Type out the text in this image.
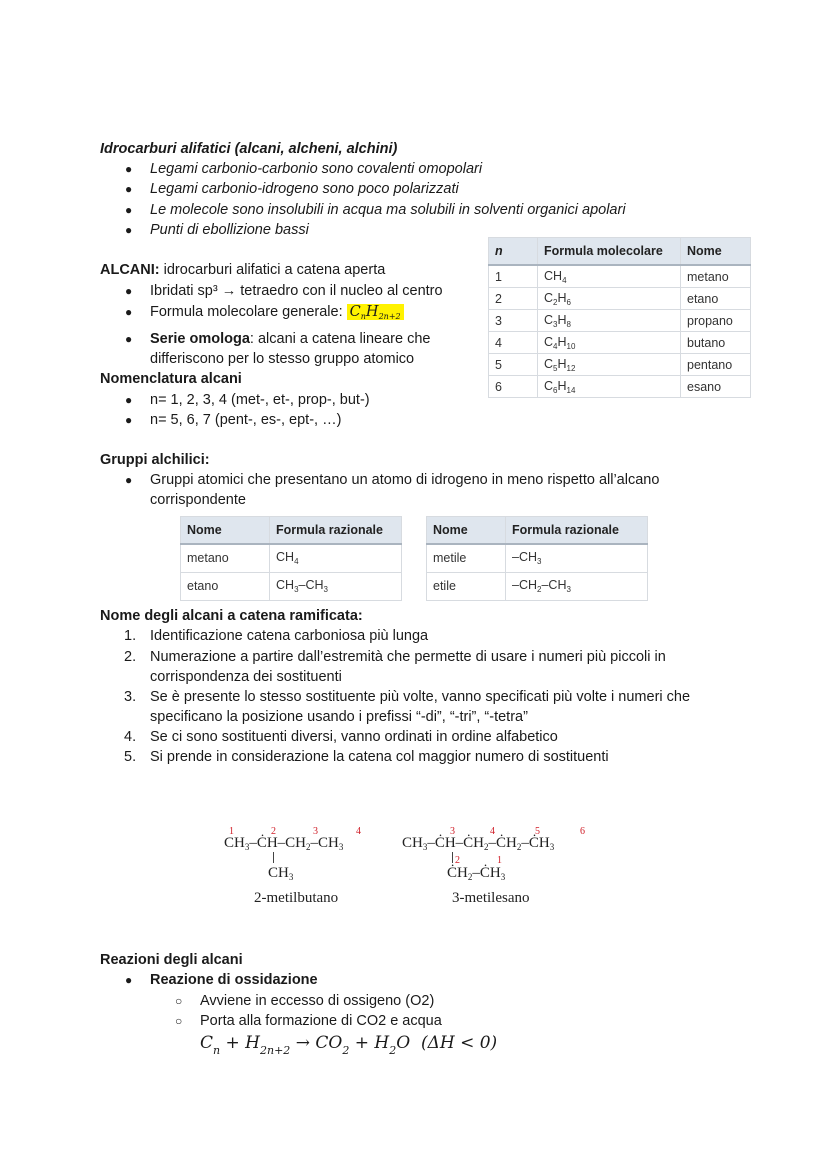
Idrocarburi alifatici (alcani, alcheni, alchini)
● Legami carbonio-carbonio sono covalenti omopolari
● Legami carbonio-idrogeno sono poco polarizzati
● Le molecole sono insolubili in acqua ma solubili in solventi organici apolari
● Punti di ebollizione bassi
ALCANI: idrocarburi alifatici a catena aperta
● Ibridati sp³ → tetraedro con il nucleo al centro
● Formula molecolare generale: $C_nH_{2n+2}$
● Serie omologa: alcani a catena lineare che
differiscono per lo stesso gruppo atomico
Nomenclatura alcani
● n= 1, 2, 3, 4 (met-, et-, prop-, but-)
● n= 5, 6, 7 (pent-, es-, ept-, …)
n	Formula molecolare	Nome
1	$CH_4$	metano
2	$C_2H_6$	etano
3	$C_3H_8$	propano
4	$C_4H_{10}$	butano
5	$C_5H_{12}$	pentano
6	$C_6H_{14}$	esano
Gruppi alchilici:
● Gruppi atomici che presentano un atomo di idrogeno in meno rispetto all’alcano
corrispondente
Nome	Formula razionale
metano	$CH_4$
etano	$CH_3-CH_3$
Nome	Formula razionale
metile	$-CH_3$
etile	$-CH_2-CH_3$
Nome degli alcani a catena ramificata:
1. Identificazione catena carboniosa più lunga
2. Numerazione a partire dall’estremità che permette di usare i numeri più piccoli in
corrispondenza dei sostituenti
3. Se è presente lo stesso sostituente più volte, vanno specificati più volte i numeri che
specificano la posizione usando i prefissi “-di”, “-tri”, “-tetra”
4. Se ci sono sostituenti diversi, vanno ordinati in ordine alfabetico
5. Si prende in considerazione la catena col maggior numero di sostituenti
1	2	3	4
$CH_3-ĊH-CH_2-CH_3$
$CH_3$
2-metilbutano
3	4	5	6
$CH_3-ĊH-ĊH_2-ĊH_2-ĊH_3$
2	1
$ĊH_2-ĊH_3$
3-metilesano
Reazioni degli alcani
● Reazione di ossidazione
○ Avviene in eccesso di ossigeno (O2)
○ Porta alla formazione di CO2 e acqua
$C_n + H_{2n+2} \to CO_2 + H_2O$  (ΔH < 0)
